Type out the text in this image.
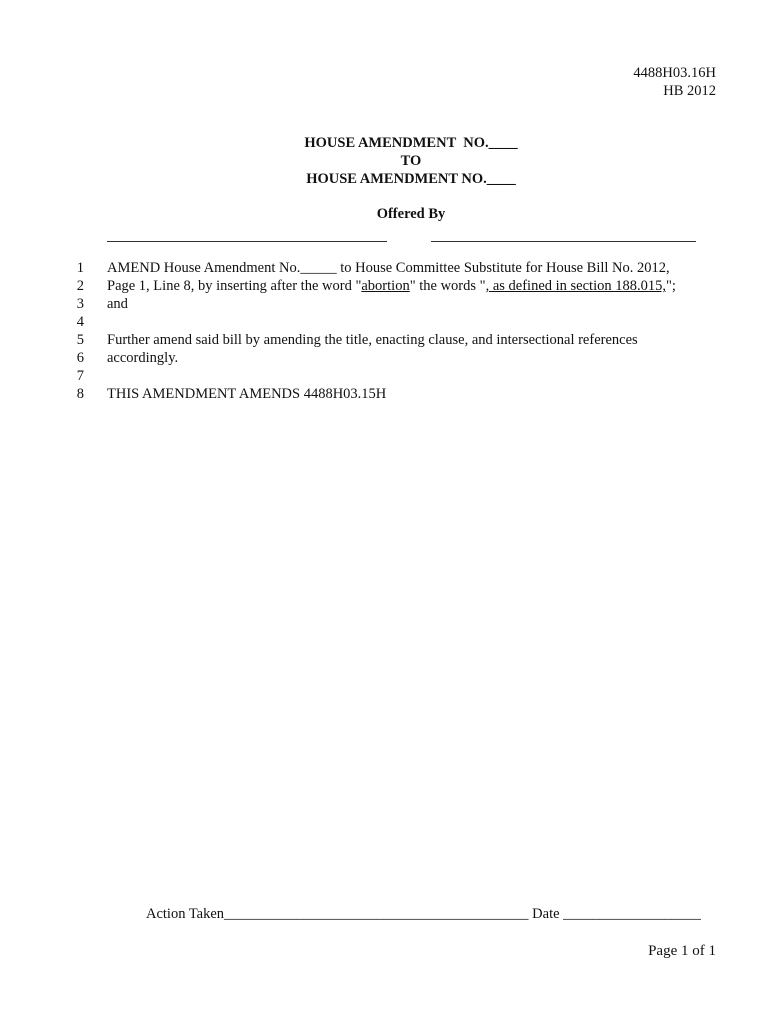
4488H03.16H
HB 2012
HOUSE AMENDMENT  NO.____
TO
HOUSE AMENDMENT NO.____
Offered By
1 AMEND House Amendment No._____ to House Committee Substitute for House Bill No. 2012,
2 Page 1, Line 8, by inserting after the word "abortion" the words ", as defined in section 188.015,";
3 and
4
5 Further amend said bill by amending the title, enacting clause, and intersectional references
6 accordingly.
7
8 THIS AMENDMENT AMENDS 4488H03.15H
Action Taken__________________________________________ Date ___________________
Page 1 of 1
